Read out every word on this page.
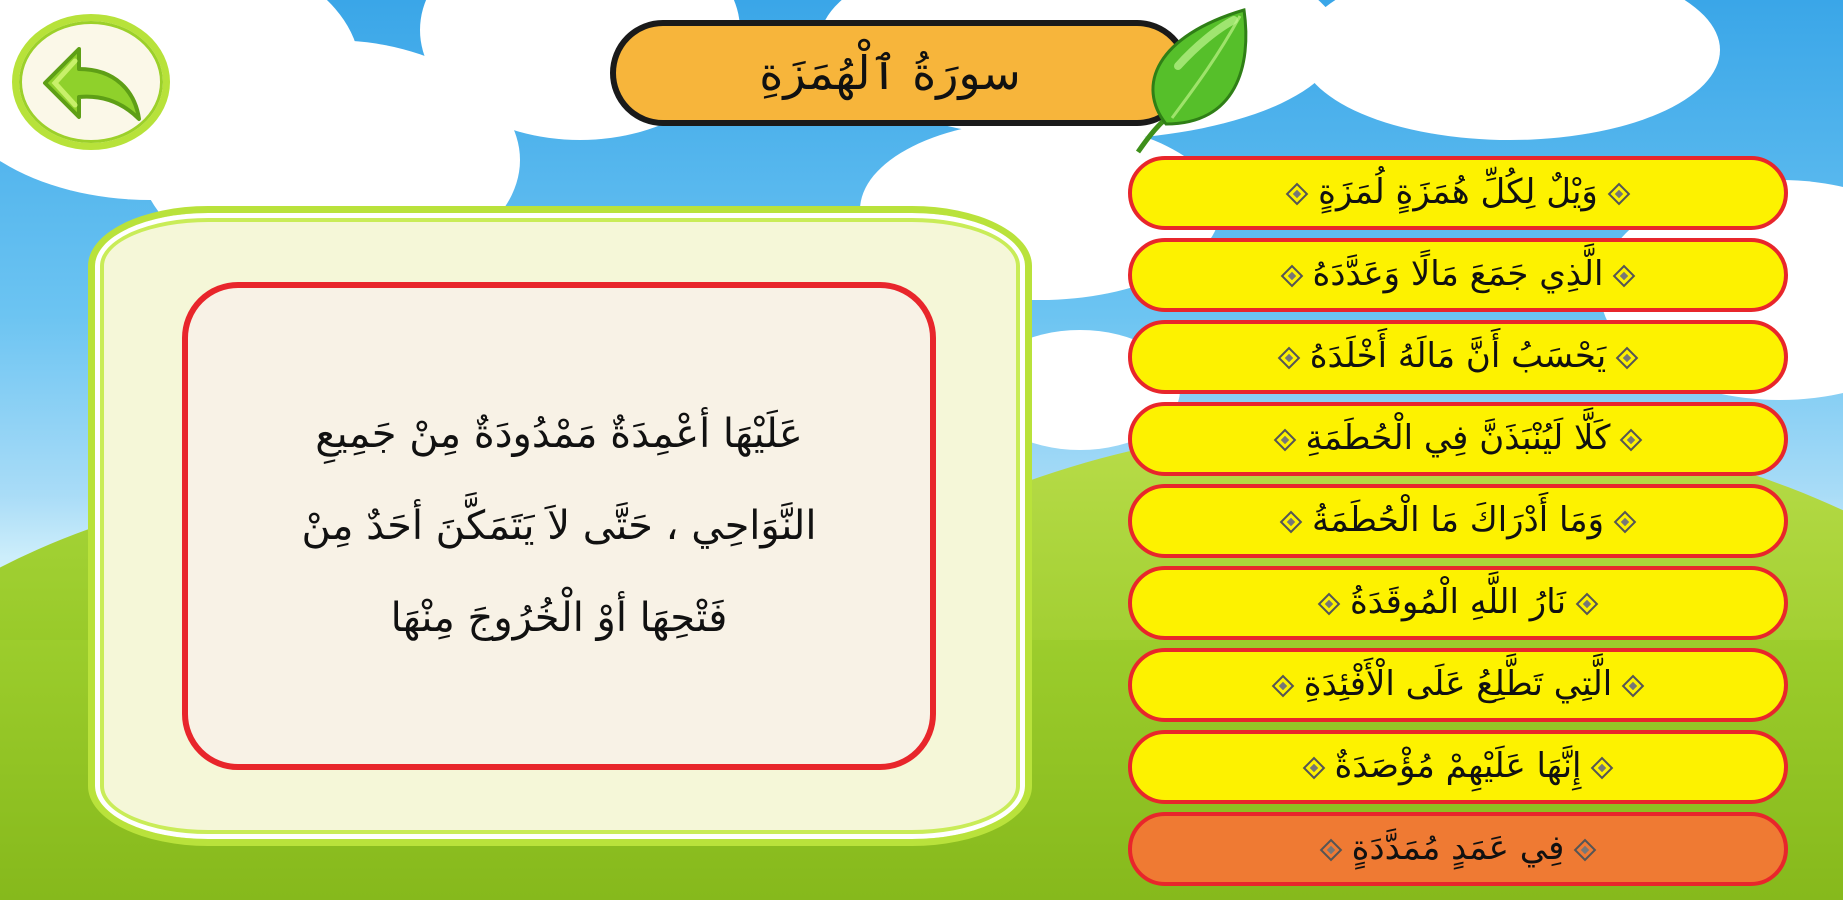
سورَةُ ٱلْهُمَزَةِ
عَلَيْهَا أعْمِدَةٌ مَمْدُودَةٌ مِنْ جَمِيعِ النَّوَاحِي ، حَتَّى لاَ يَتَمَكَّنَ أحَدٌ مِنْ فَتْحِهَا أوْ الْخُرُوجَ مِنْهَا
وَيْلٌ لِكُلِّ هُمَزَةٍ لُمَزَةٍ
الَّذِي جَمَعَ مَالًا وَعَدَّدَهُ
يَحْسَبُ أَنَّ مَالَهُ أَخْلَدَهُ
كَلَّا لَيُنْبَذَنَّ فِي الْحُطَمَةِ
وَمَا أَدْرَاكَ مَا الْحُطَمَةُ
نَارُ اللَّهِ الْمُوقَدَةُ
الَّتِي تَطَّلِعُ عَلَى الْأَفْئِدَةِ
إِنَّهَا عَلَيْهِمْ مُؤْصَدَةٌ
فِي عَمَدٍ مُمَدَّدَةٍ
